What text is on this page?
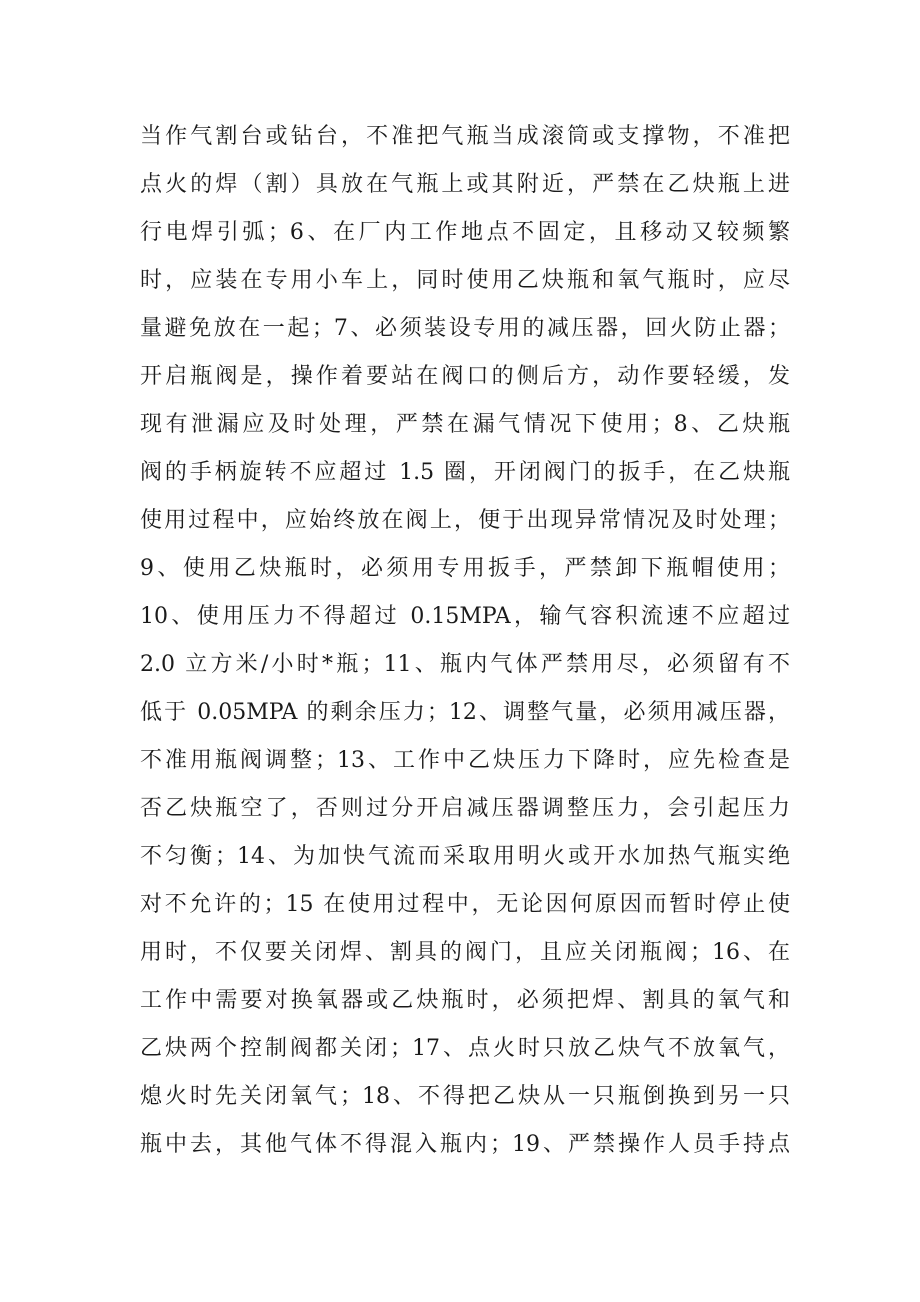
当作气割台或钻台，不准把气瓶当成滚筒或支撑物，不准把
点火的焊（割）具放在气瓶上或其附近，严禁在乙炔瓶上进
行电焊引弧；6、在厂内工作地点不固定，且移动又较频繁
时，应装在专用小车上，同时使用乙炔瓶和氧气瓶时，应尽
量避免放在一起；7、必须装设专用的减压器，回火防止器；
开启瓶阀是，操作着要站在阀口的侧后方，动作要轻缓，发
现有泄漏应及时处理，严禁在漏气情况下使用；8、乙炔瓶
阀的手柄旋转不应超过 1.5 圈，开闭阀门的扳手，在乙炔瓶
使用过程中，应始终放在阀上，便于出现异常情况及时处理；
9、使用乙炔瓶时，必须用专用扳手，严禁卸下瓶帽使用；
10、使用压力不得超过 0.15MPA，输气容积流速不应超过
2.0 立方米/小时*瓶；11、瓶内气体严禁用尽，必须留有不
低于 0.05MPA 的剩余压力；12、调整气量，必须用减压器，
不准用瓶阀调整；13、工作中乙炔压力下降时，应先检查是
否乙炔瓶空了，否则过分开启减压器调整压力，会引起压力
不匀衡；14、为加快气流而采取用明火或开水加热气瓶实绝
对不允许的；15 在使用过程中，无论因何原因而暂时停止使
用时，不仅要关闭焊、割具的阀门，且应关闭瓶阀；16、在
工作中需要对换氧器或乙炔瓶时，必须把焊、割具的氧气和
乙炔两个控制阀都关闭；17、点火时只放乙炔气不放氧气，
熄火时先关闭氧气；18、不得把乙炔从一只瓶倒换到另一只
瓶中去，其他气体不得混入瓶内；19、严禁操作人员手持点
